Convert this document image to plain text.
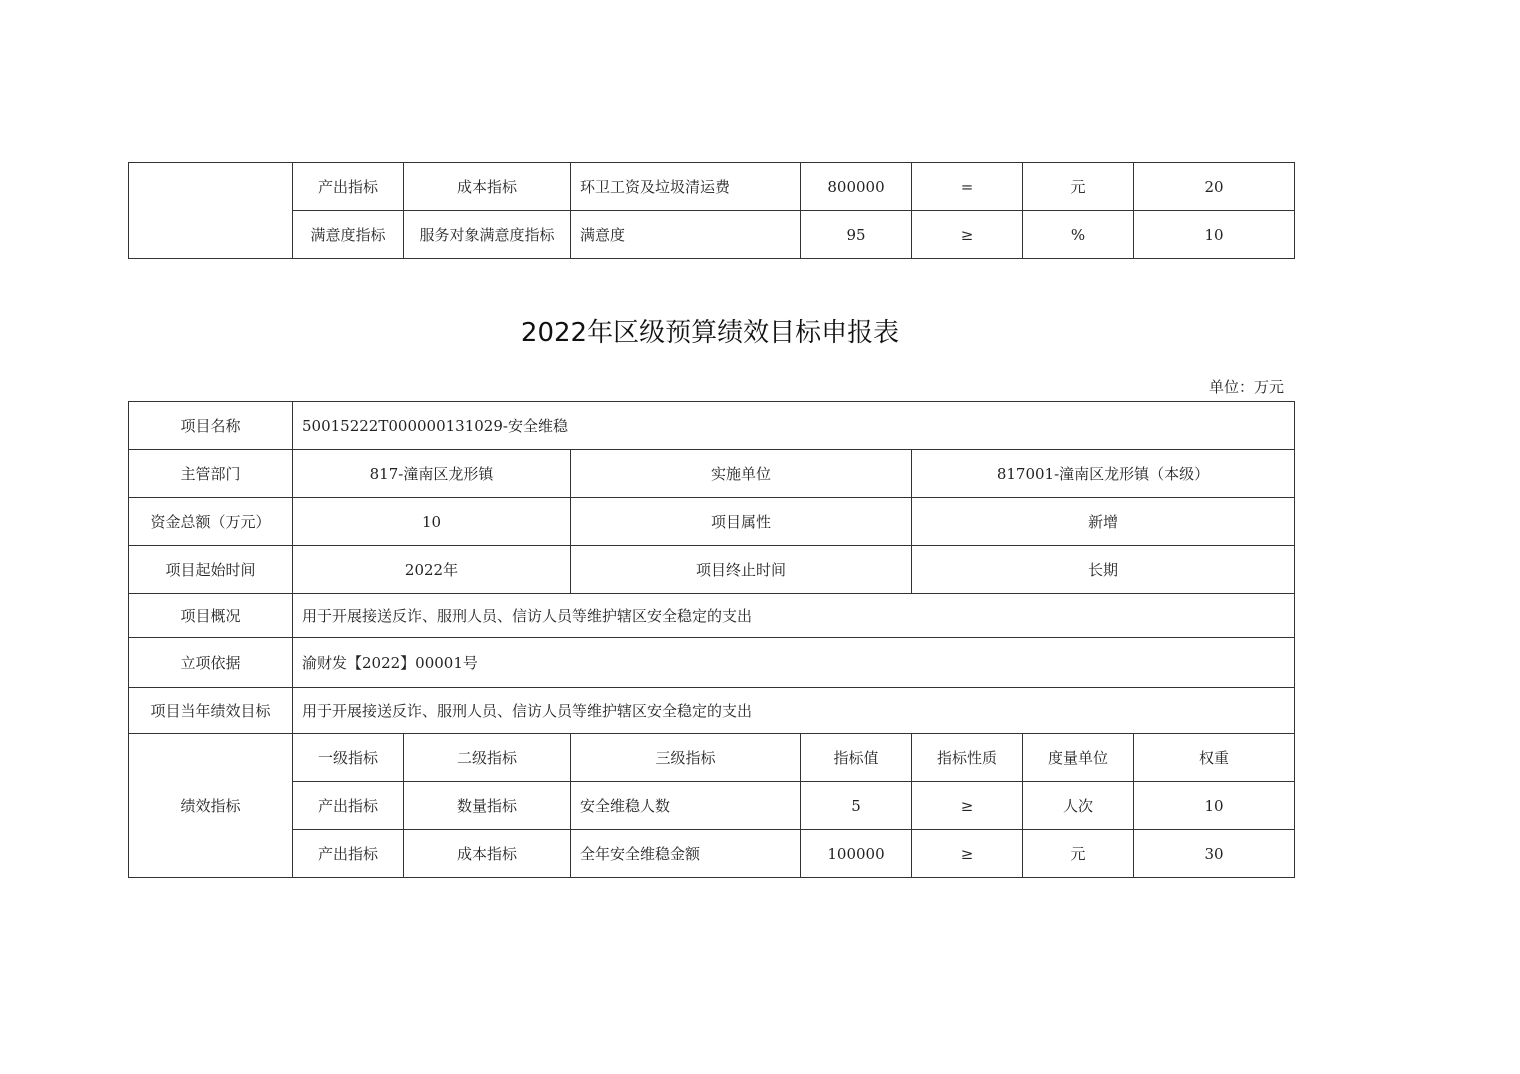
	产出指标	成本指标	环卫工资及垃圾清运费	800000	=	元	20
	满意度指标	服务对象满意度指标	满意度	95	≥	%	10
2022年区级预算绩效目标申报表
单位：万元
项目名称	50015222T000000131029-安全维稳						
主管部门	817-潼南区龙形镇		实施单位		817001-潼南区龙形镇（本级）		
资金总额（万元）	10		项目属性		新增		
项目起始时间	2022年		项目终止时间		长期		
项目概况	用于开展接送反诈、服刑人员、信访人员等维护辖区安全稳定的支出						
立项依据	渝财发【2022】00001号						
项目当年绩效目标	用于开展接送反诈、服刑人员、信访人员等维护辖区安全稳定的支出						
绩效指标	一级指标	二级指标	三级指标	指标值	指标性质	度量单位	权重
	产出指标	数量指标	安全维稳人数	5	≥	人次	10
	产出指标	成本指标	全年安全维稳金额	100000	≥	元	30
